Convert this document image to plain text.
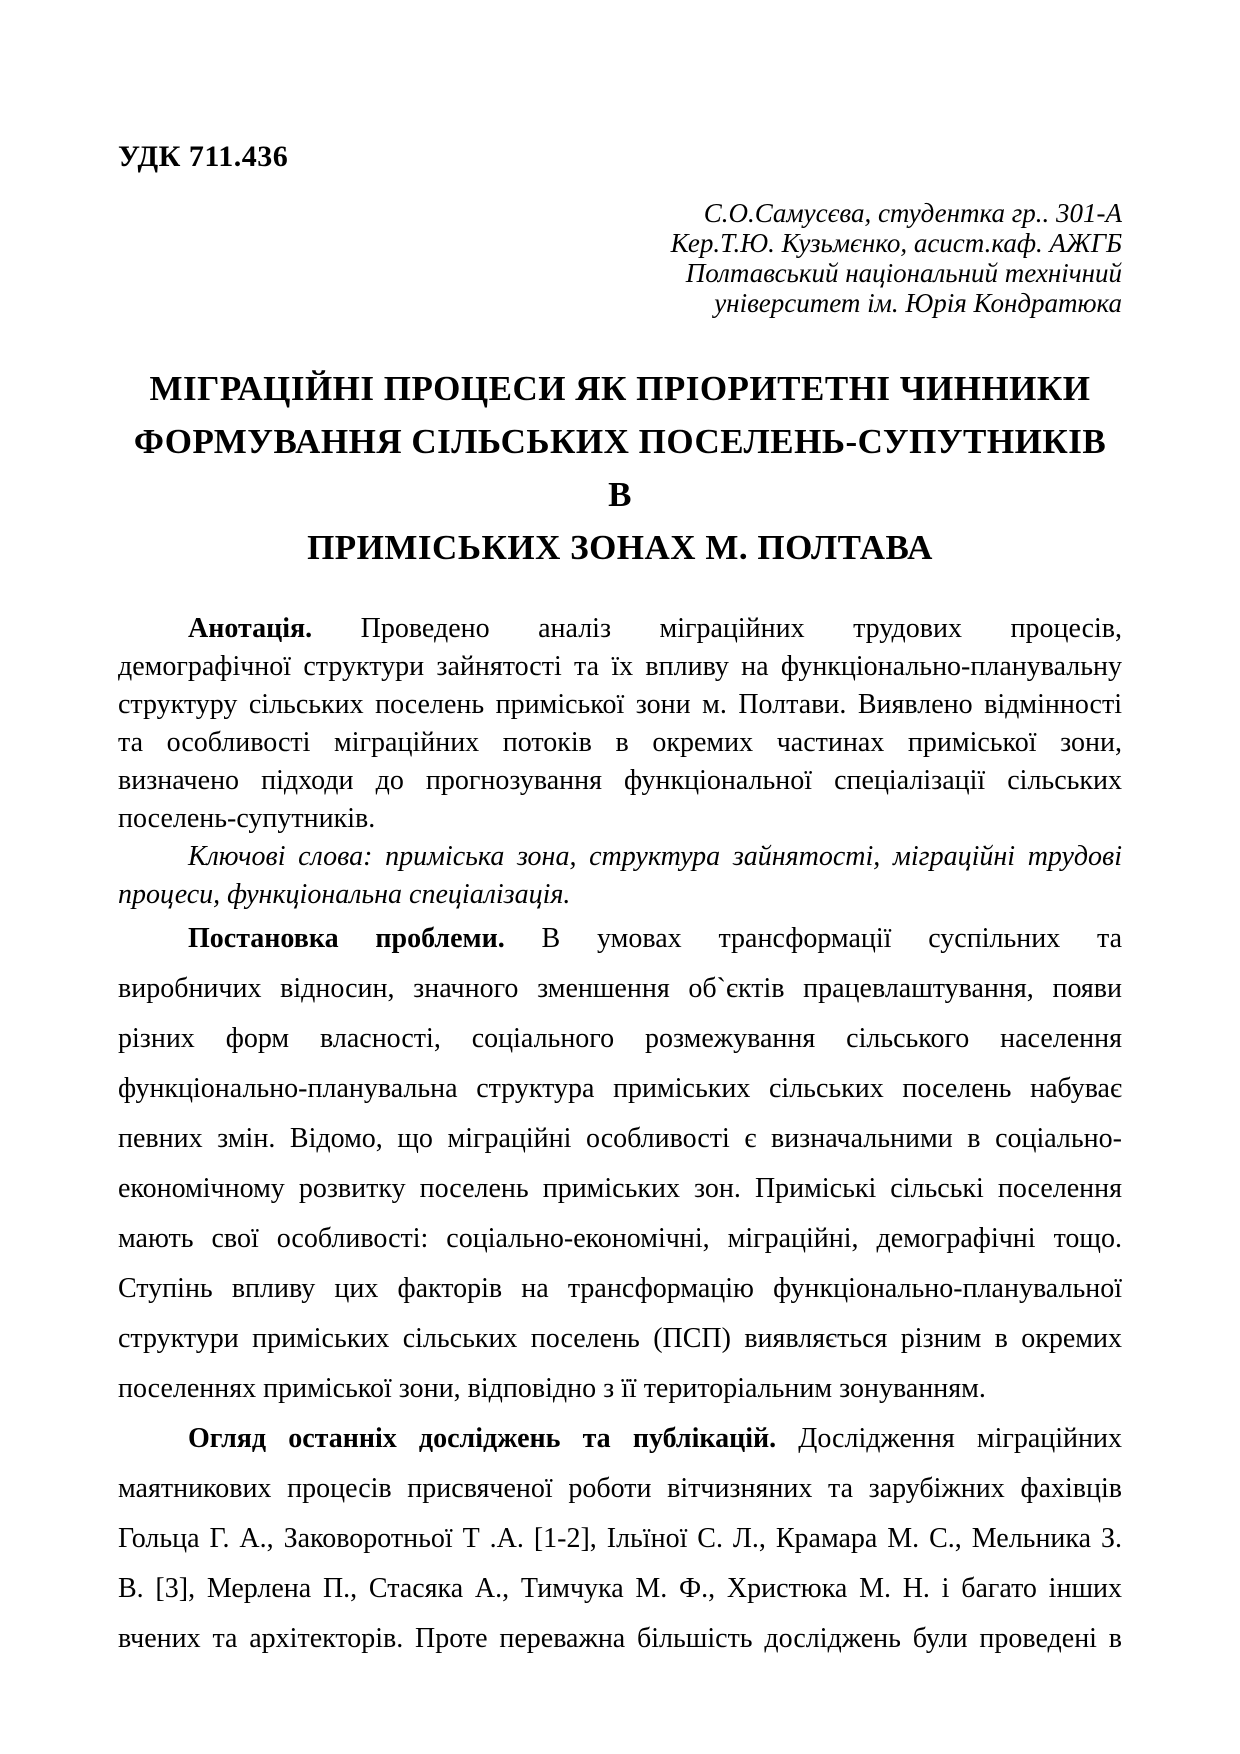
УДК 711.436
С.О.Самусєва, студентка гр.. 301-А
Кер.Т.Ю. Кузьмєнко, асист.каф. АЖГБ
Полтавський національний технічний
університет ім. Юрія Кондратюка
МІГРАЦІЙНІ ПРОЦЕСИ ЯК ПРІОРИТЕТНІ ЧИННИКИ
ФОРМУВАННЯ СІЛЬСЬКИХ ПОСЕЛЕНЬ-СУПУТНИКІВ В
ПРИМІСЬКИХ ЗОНАХ М. ПОЛТАВА
Анотація. Проведено аналіз міграційних трудових процесів,
демографічної структури зайнятості та їх впливу на функціонально-планувальну
структуру сільських поселень приміської зони м. Полтави. Виявлено відмінності
та особливості міграційних потоків в окремих частинах приміської зони,
визначено підходи до прогнозування функціональної спеціалізації сільських
поселень-супутників.
Ключові слова: приміська зона, структура зайнятості, міграційні трудові
процеси, функціональна спеціалізація.
Постановка проблеми. В умовах трансформації суспільних та
виробничих відносин, значного зменшення об`єктів працевлаштування, появи
різних форм власності, соціального розмежування сільського населення
функціонально-планувальна структура приміських сільських поселень набуває
певних змін. Відомо, що міграційні особливості є визначальними в соціально-
економічному розвитку поселень приміських зон. Приміські сільські поселення
мають свої особливості: соціально-економічні, міграційні, демографічні тощо.
Ступінь впливу цих факторів на трансформацію функціонально-планувальної
структури приміських сільських поселень (ПСП) виявляється різним в окремих
поселеннях приміської зони, відповідно з її територіальним зонуванням.
Огляд останніх досліджень та публікацій. Дослідження міграційних
маятникових процесів присвяченої роботи вітчизняних та зарубіжних фахівців
Гольца Г. А., Заковоротньої Т .А. [1-2], Ільїної С. Л., Крамара М. С., Мельника З.
В. [3], Мерлена П., Стасяка А., Тимчука М. Ф., Христюка М. Н. і багато інших
вчених та архітекторів. Проте переважна більшість досліджень були проведені в
